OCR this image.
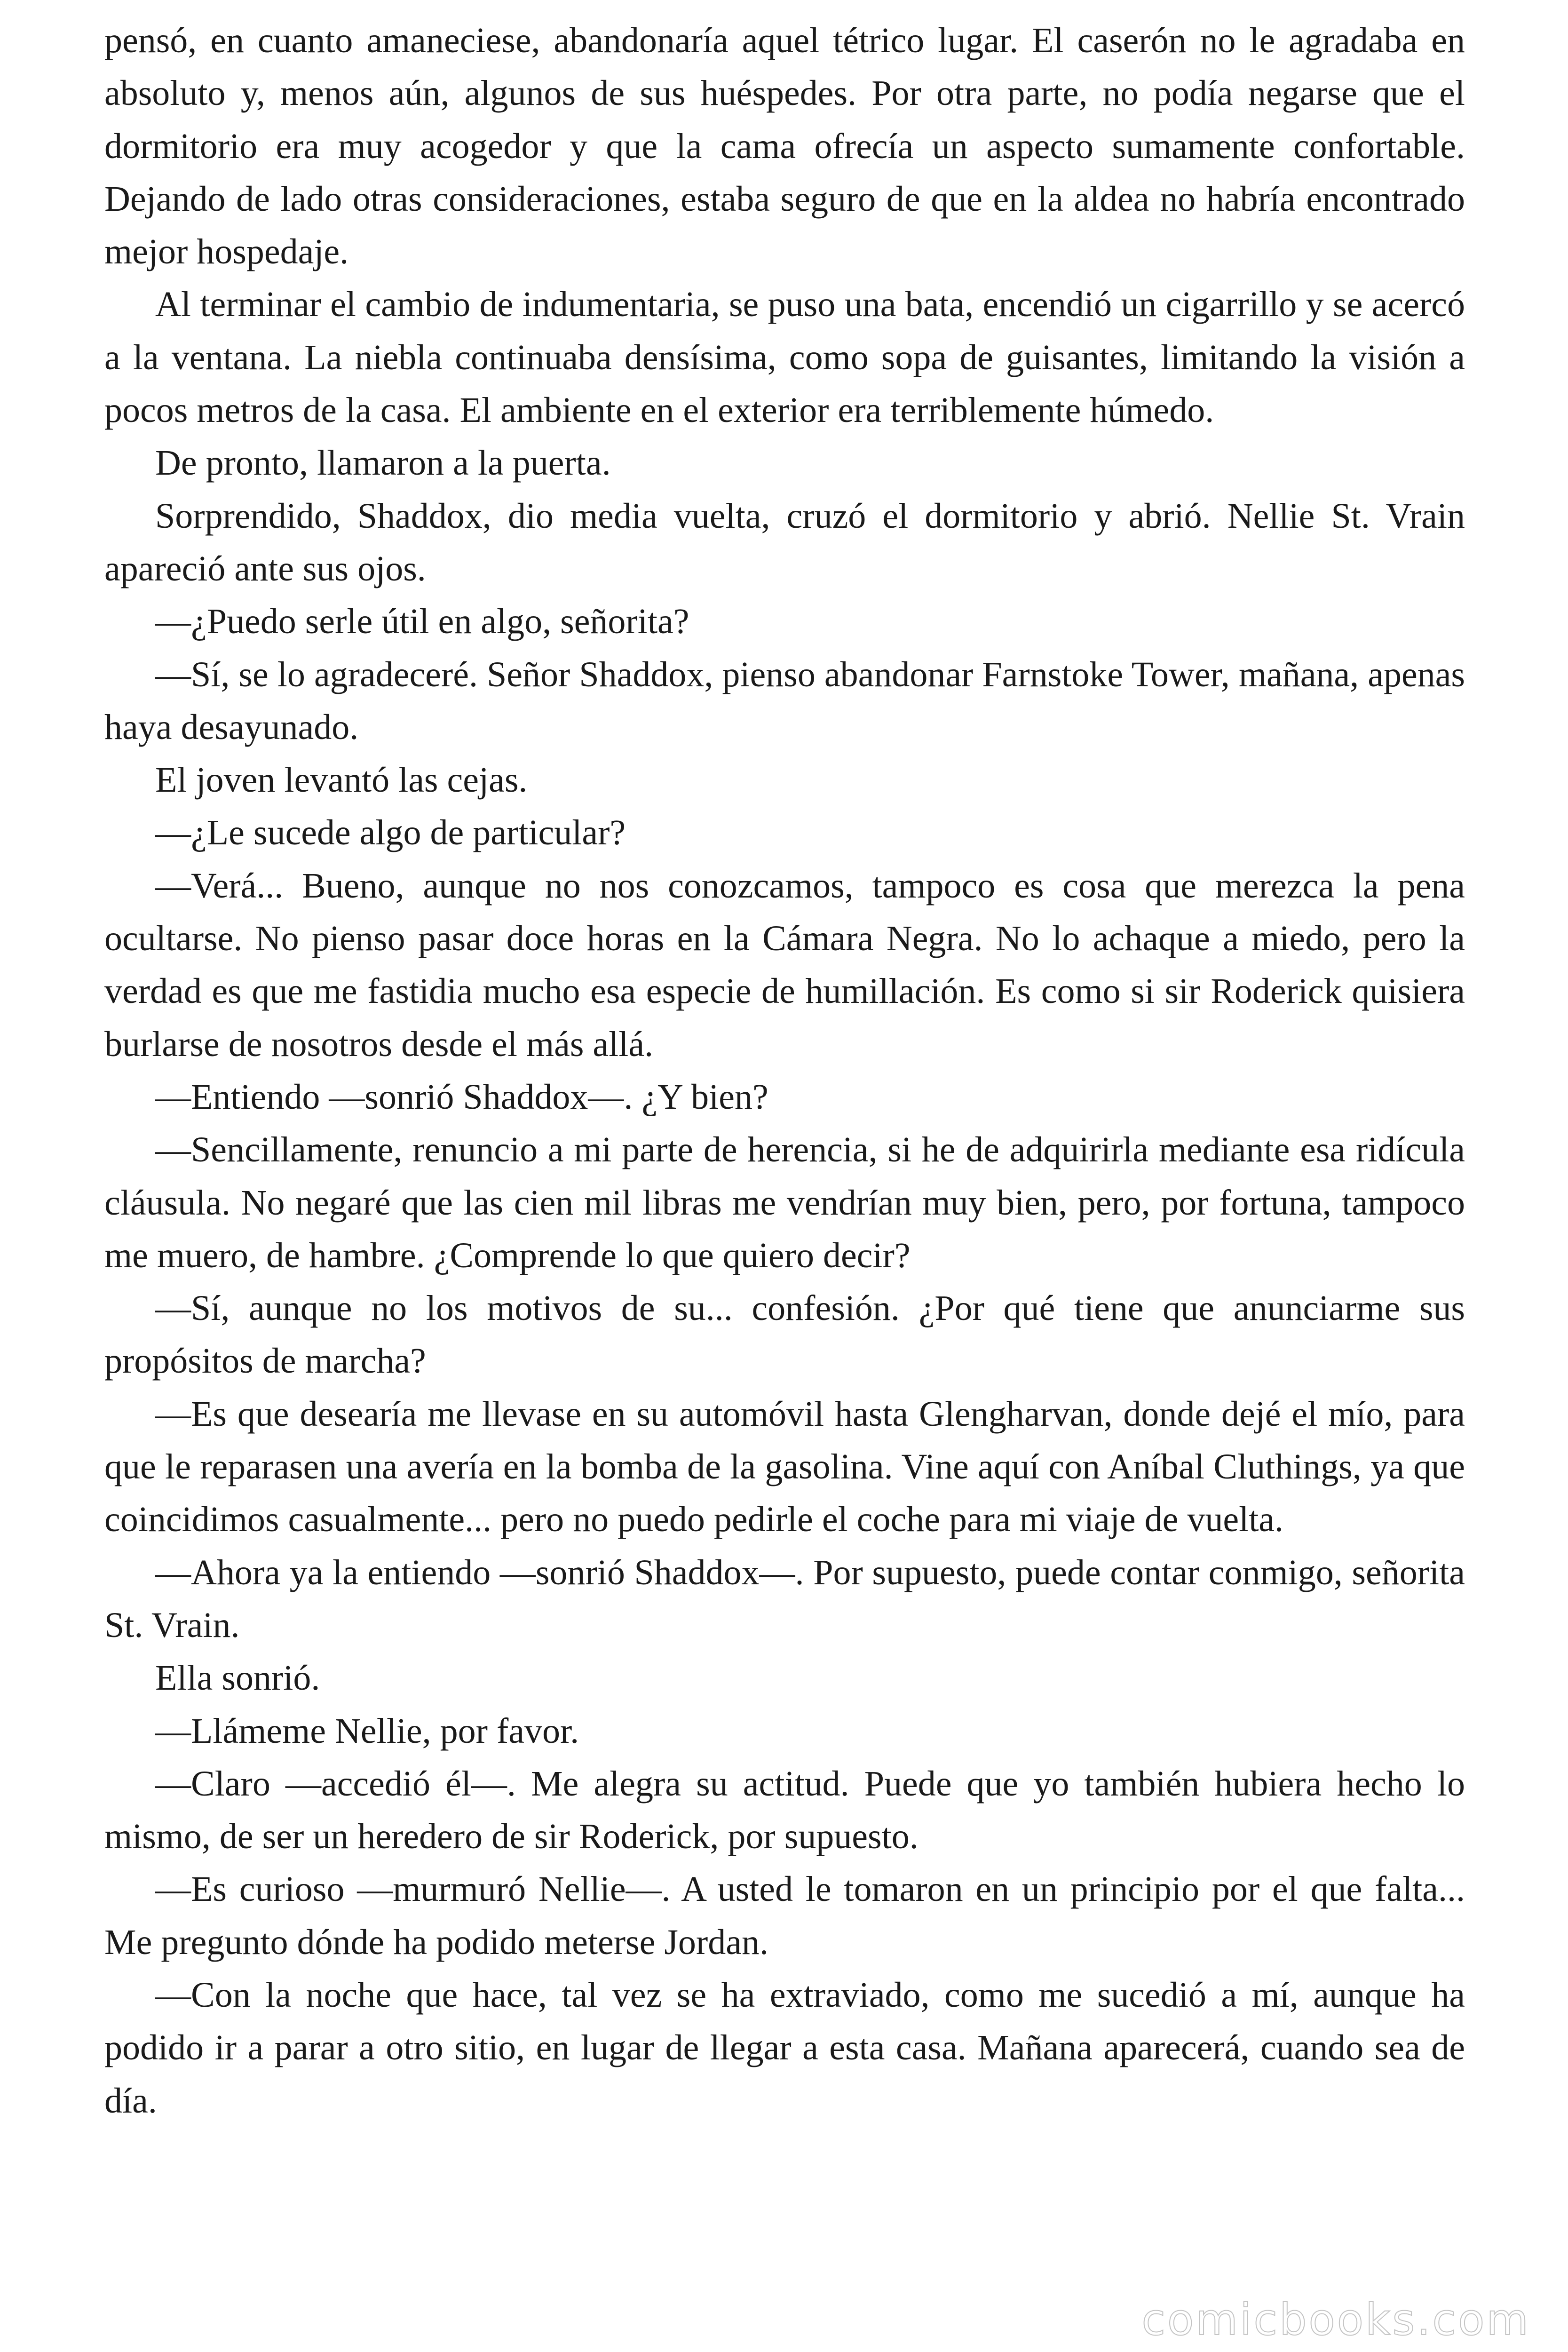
pensó, en cuanto amaneciese, abandonaría aquel tétrico lugar. El caserón no le agradaba en absoluto y, menos aún, algunos de sus huéspedes. Por otra parte, no podía negarse que el dormitorio era muy acogedor y que la cama ofrecía un aspecto sumamente confortable. Dejando de lado otras consideraciones, estaba seguro de que en la aldea no habría encontrado mejor hospedaje.

Al terminar el cambio de indumentaria, se puso una bata, encendió un cigarrillo y se acercó a la ventana. La niebla continuaba densísima, como sopa de guisantes, limitando la visión a pocos metros de la casa. El ambiente en el exterior era terriblemente húmedo.

De pronto, llamaron a la puerta.

Sorprendido, Shaddox, dio media vuelta, cruzó el dormitorio y abrió. Nellie St. Vrain apareció ante sus ojos.

—¿Puedo serle útil en algo, señorita?

—Sí, se lo agradeceré. Señor Shaddox, pienso abandonar Farnstoke Tower, mañana, apenas haya desayunado.

El joven levantó las cejas.

—¿Le sucede algo de particular?

—Verá... Bueno, aunque no nos conozcamos, tampoco es cosa que merezca la pena ocultarse. No pienso pasar doce horas en la Cámara Negra. No lo achaque a miedo, pero la verdad es que me fastidia mucho esa especie de humillación. Es como si sir Roderick quisiera burlarse de nosotros desde el más allá.

—Entiendo —sonrió Shaddox—. ¿Y bien?

—Sencillamente, renuncio a mi parte de herencia, si he de adquirirla mediante esa ridícula cláusula. No negaré que las cien mil libras me vendrían muy bien, pero, por fortuna, tampoco me muero, de hambre. ¿Comprende lo que quiero decir?

—Sí, aunque no los motivos de su... confesión. ¿Por qué tiene que anunciarme sus propósitos de marcha?

—Es que desearía me llevase en su automóvil hasta Glengharvan, donde dejé el mío, para que le reparasen una avería en la bomba de la gasolina. Vine aquí con Aníbal Cluthings, ya que coincidimos casualmente... pero no puedo pedirle el coche para mi viaje de vuelta.

—Ahora ya la entiendo —sonrió Shaddox—. Por supuesto, puede contar conmigo, señorita St. Vrain.

Ella sonrió.

—Llámeme Nellie, por favor.

—Claro —accedió él—. Me alegra su actitud. Puede que yo también hubiera hecho lo mismo, de ser un heredero de sir Roderick, por supuesto.

—Es curioso —murmuró Nellie—. A usted le tomaron en un principio por el que falta... Me pregunto dónde ha podido meterse Jordan.

—Con la noche que hace, tal vez se ha extraviado, como me sucedió a mí, aunque ha podido ir a parar a otro sitio, en lugar de llegar a esta casa. Mañana aparecerá, cuando sea de día.

comicbooks.com
